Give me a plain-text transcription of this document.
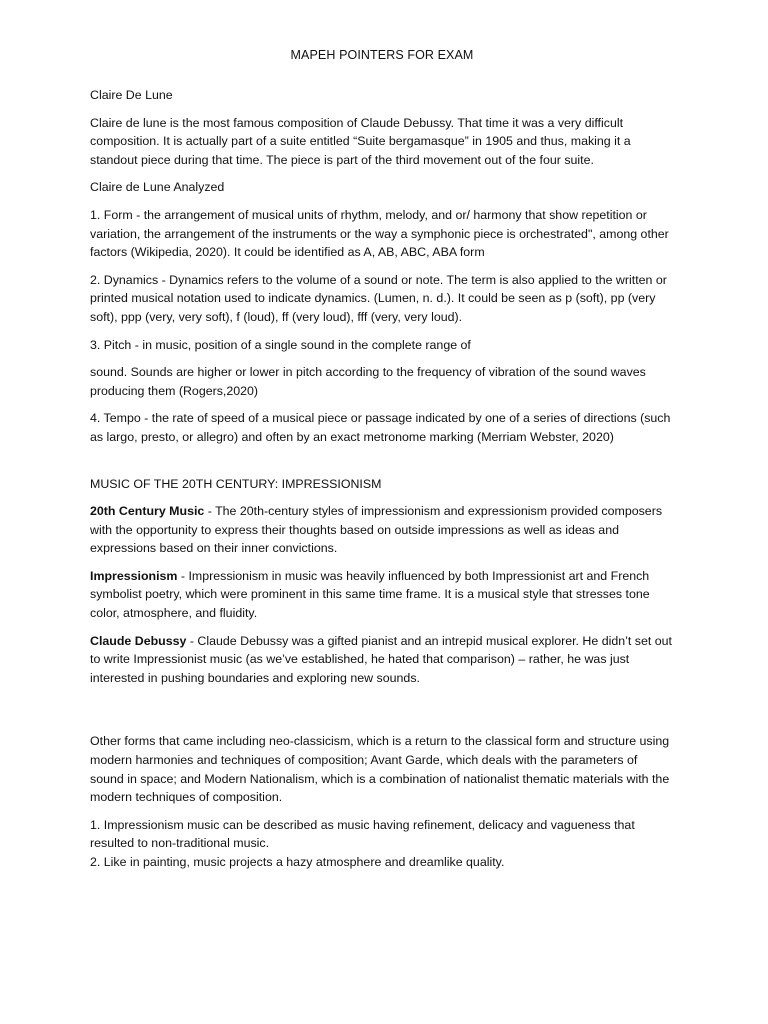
MAPEH POINTERS FOR EXAM

Claire De Lune

Claire de lune is the most famous composition of Claude Debussy. That time it was a very difficult composition. It is actually part of a suite entitled “Suite bergamasque” in 1905 and thus, making it a standout piece during that time. The piece is part of the third movement out of the four suite.

Claire de Lune Analyzed

1. Form - the arrangement of musical units of rhythm, melody, and or/ harmony that show repetition or variation, the arrangement of the instruments or the way a symphonic piece is orchestrated", among other factors (Wikipedia, 2020). It could be identified as A, AB, ABC, ABA form

2. Dynamics - Dynamics refers to the volume of a sound or note. The term is also applied to the written or printed musical notation used to indicate dynamics. (Lumen, n. d.). It could be seen as p (soft), pp (very soft), ppp (very, very soft), f (loud), ff (very loud), fff (very, very loud).

3. Pitch - in music, position of a single sound in the complete range of

sound. Sounds are higher or lower in pitch according to the frequency of vibration of the sound waves producing them (Rogers,2020)

4. Tempo - the rate of speed of a musical piece or passage indicated by one of a series of directions (such as largo, presto, or allegro) and often by an exact metronome marking (Merriam Webster, 2020)

MUSIC OF THE 20TH CENTURY: IMPRESSIONISM

20th Century Music - The 20th-century styles of impressionism and expressionism provided composers with the opportunity to express their thoughts based on outside impressions as well as ideas and expressions based on their inner convictions.

Impressionism - Impressionism in music was heavily influenced by both Impressionist art and French symbolist poetry, which were prominent in this same time frame. It is a musical style that stresses tone color, atmosphere, and fluidity.

Claude Debussy - Claude Debussy was a gifted pianist and an intrepid musical explorer. He didn’t set out to write Impressionist music (as we’ve established, he hated that comparison) – rather, he was just interested in pushing boundaries and exploring new sounds.

Other forms that came including neo-classicism, which is a return to the classical form and structure using modern harmonies and techniques of composition; Avant Garde, which deals with the parameters of sound in space; and Modern Nationalism, which is a combination of nationalist thematic materials with the modern techniques of composition.

1. Impressionism music can be described as music having refinement, delicacy and vagueness that resulted to non-traditional music.

2. Like in painting, music projects a hazy atmosphere and dreamlike quality.
